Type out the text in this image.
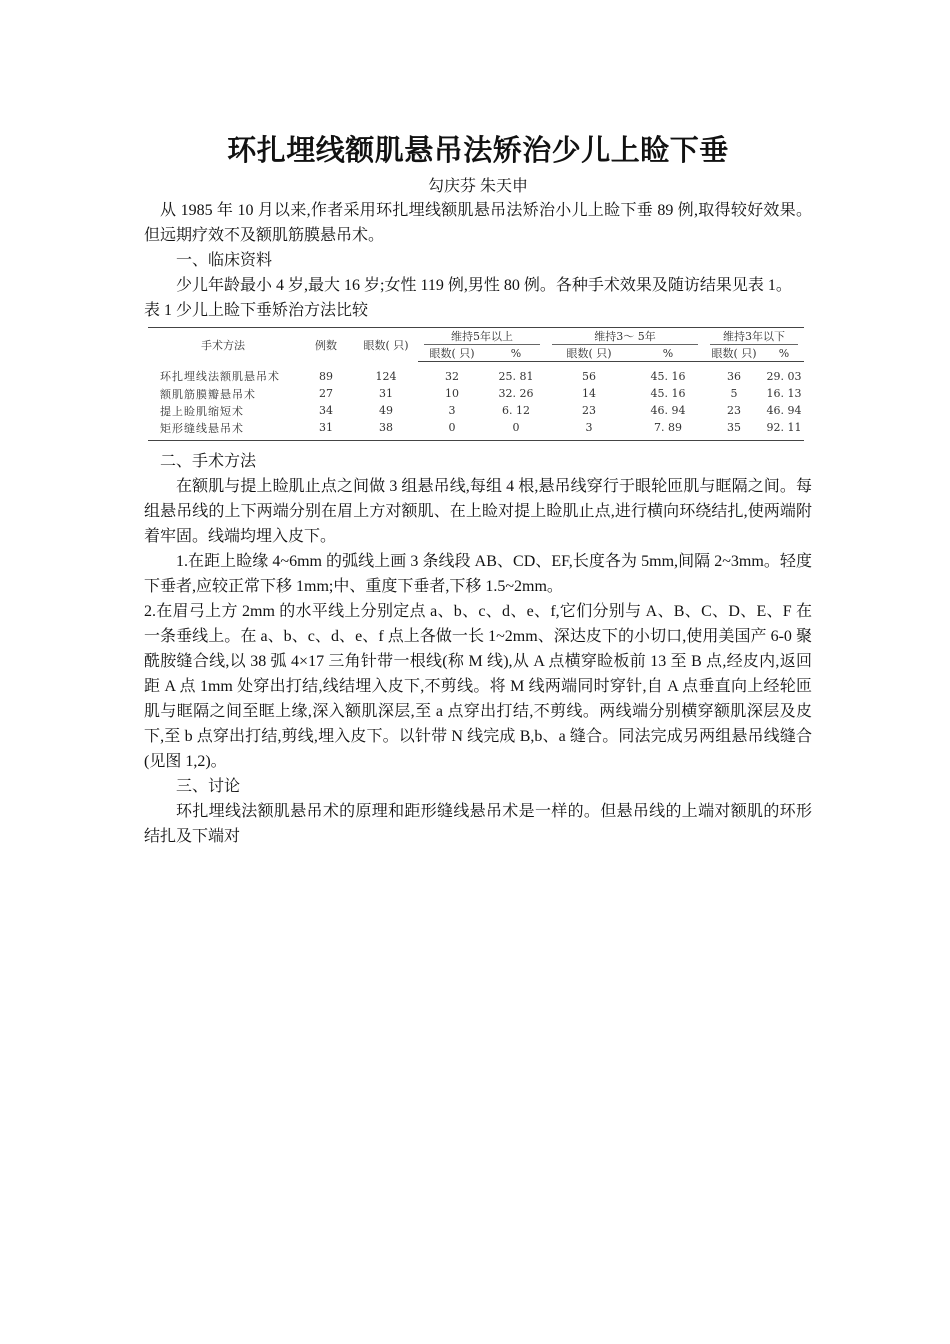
环扎埋线额肌悬吊法矫治少儿上睑下垂
勾庆芬 朱天申

从 1985 年 10 月以来,作者采用环扎埋线额肌悬吊法矫治小儿上睑下垂 89 例,取得较好效果。但远期疗效不及额肌筋膜悬吊术。

一、临床资料

少儿年龄最小 4 岁,最大 16 岁;女性 119 例,男性 80 例。各种手术效果及随访结果见表 1。

表 1 少儿上睑下垂矫治方法比较

手术方法	例数	眼数( 只)	维持5年以上		维持3～ 5年		维持3年以下	

			眼数( 只)	%	眼数( 只)	%	眼数( 只)	%
环扎埋线法额肌悬吊术	89	124	32	25. 81	56	45. 16	36	29. 03
额肌筋膜瓣悬吊术	27	31	10	32. 26	14	45. 16	5	16. 13
提上睑肌缩短术	34	49	3	6. 12	23	46. 94	23	46. 94
矩形缝线悬吊术	31	38	0	0	3	7. 89	35	92. 11

二、手术方法

在额肌与提上睑肌止点之间做 3 组悬吊线,每组 4 根,悬吊线穿行于眼轮匝肌与眶隔之间。每组悬吊线的上下两端分别在眉上方对额肌、在上睑对提上睑肌止点,进行横向环绕结扎,使两端附着牢固。线端均埋入皮下。

1.在距上睑缘 4~6mm 的弧线上画 3 条线段 AB、CD、EF,长度各为 5mm,间隔 2~3mm。轻度下垂者,应较正常下移 1mm;中、重度下垂者,下移 1.5~2mm。

2.在眉弓上方 2mm 的水平线上分别定点 a、b、c、d、e、f,它们分别与 A、B、C、D、E、F 在一条垂线上。在 a、b、c、d、e、f 点上各做一长 1~2mm、深达皮下的小切口,使用美国产 6-0 聚酰胺缝合线,以 38 弧 4×17 三角针带一根线(称 M 线),从 A 点横穿睑板前 13 至 B 点,经皮内,返回距 A 点 1mm 处穿出打结,线结埋入皮下,不剪线。将 M 线两端同时穿针,自 A 点垂直向上经轮匝肌与眶隔之间至眶上缘,深入额肌深层,至 a 点穿出打结,不剪线。两线端分别横穿额肌深层及皮下,至 b 点穿出打结,剪线,埋入皮下。以针带 N 线完成 B,b、a 缝合。同法完成另两组悬吊线缝合(见图 1,2)。

三、讨论

环扎埋线法额肌悬吊术的原理和距形缝线悬吊术是一样的。但悬吊线的上端对额肌的环形结扎及下端对
